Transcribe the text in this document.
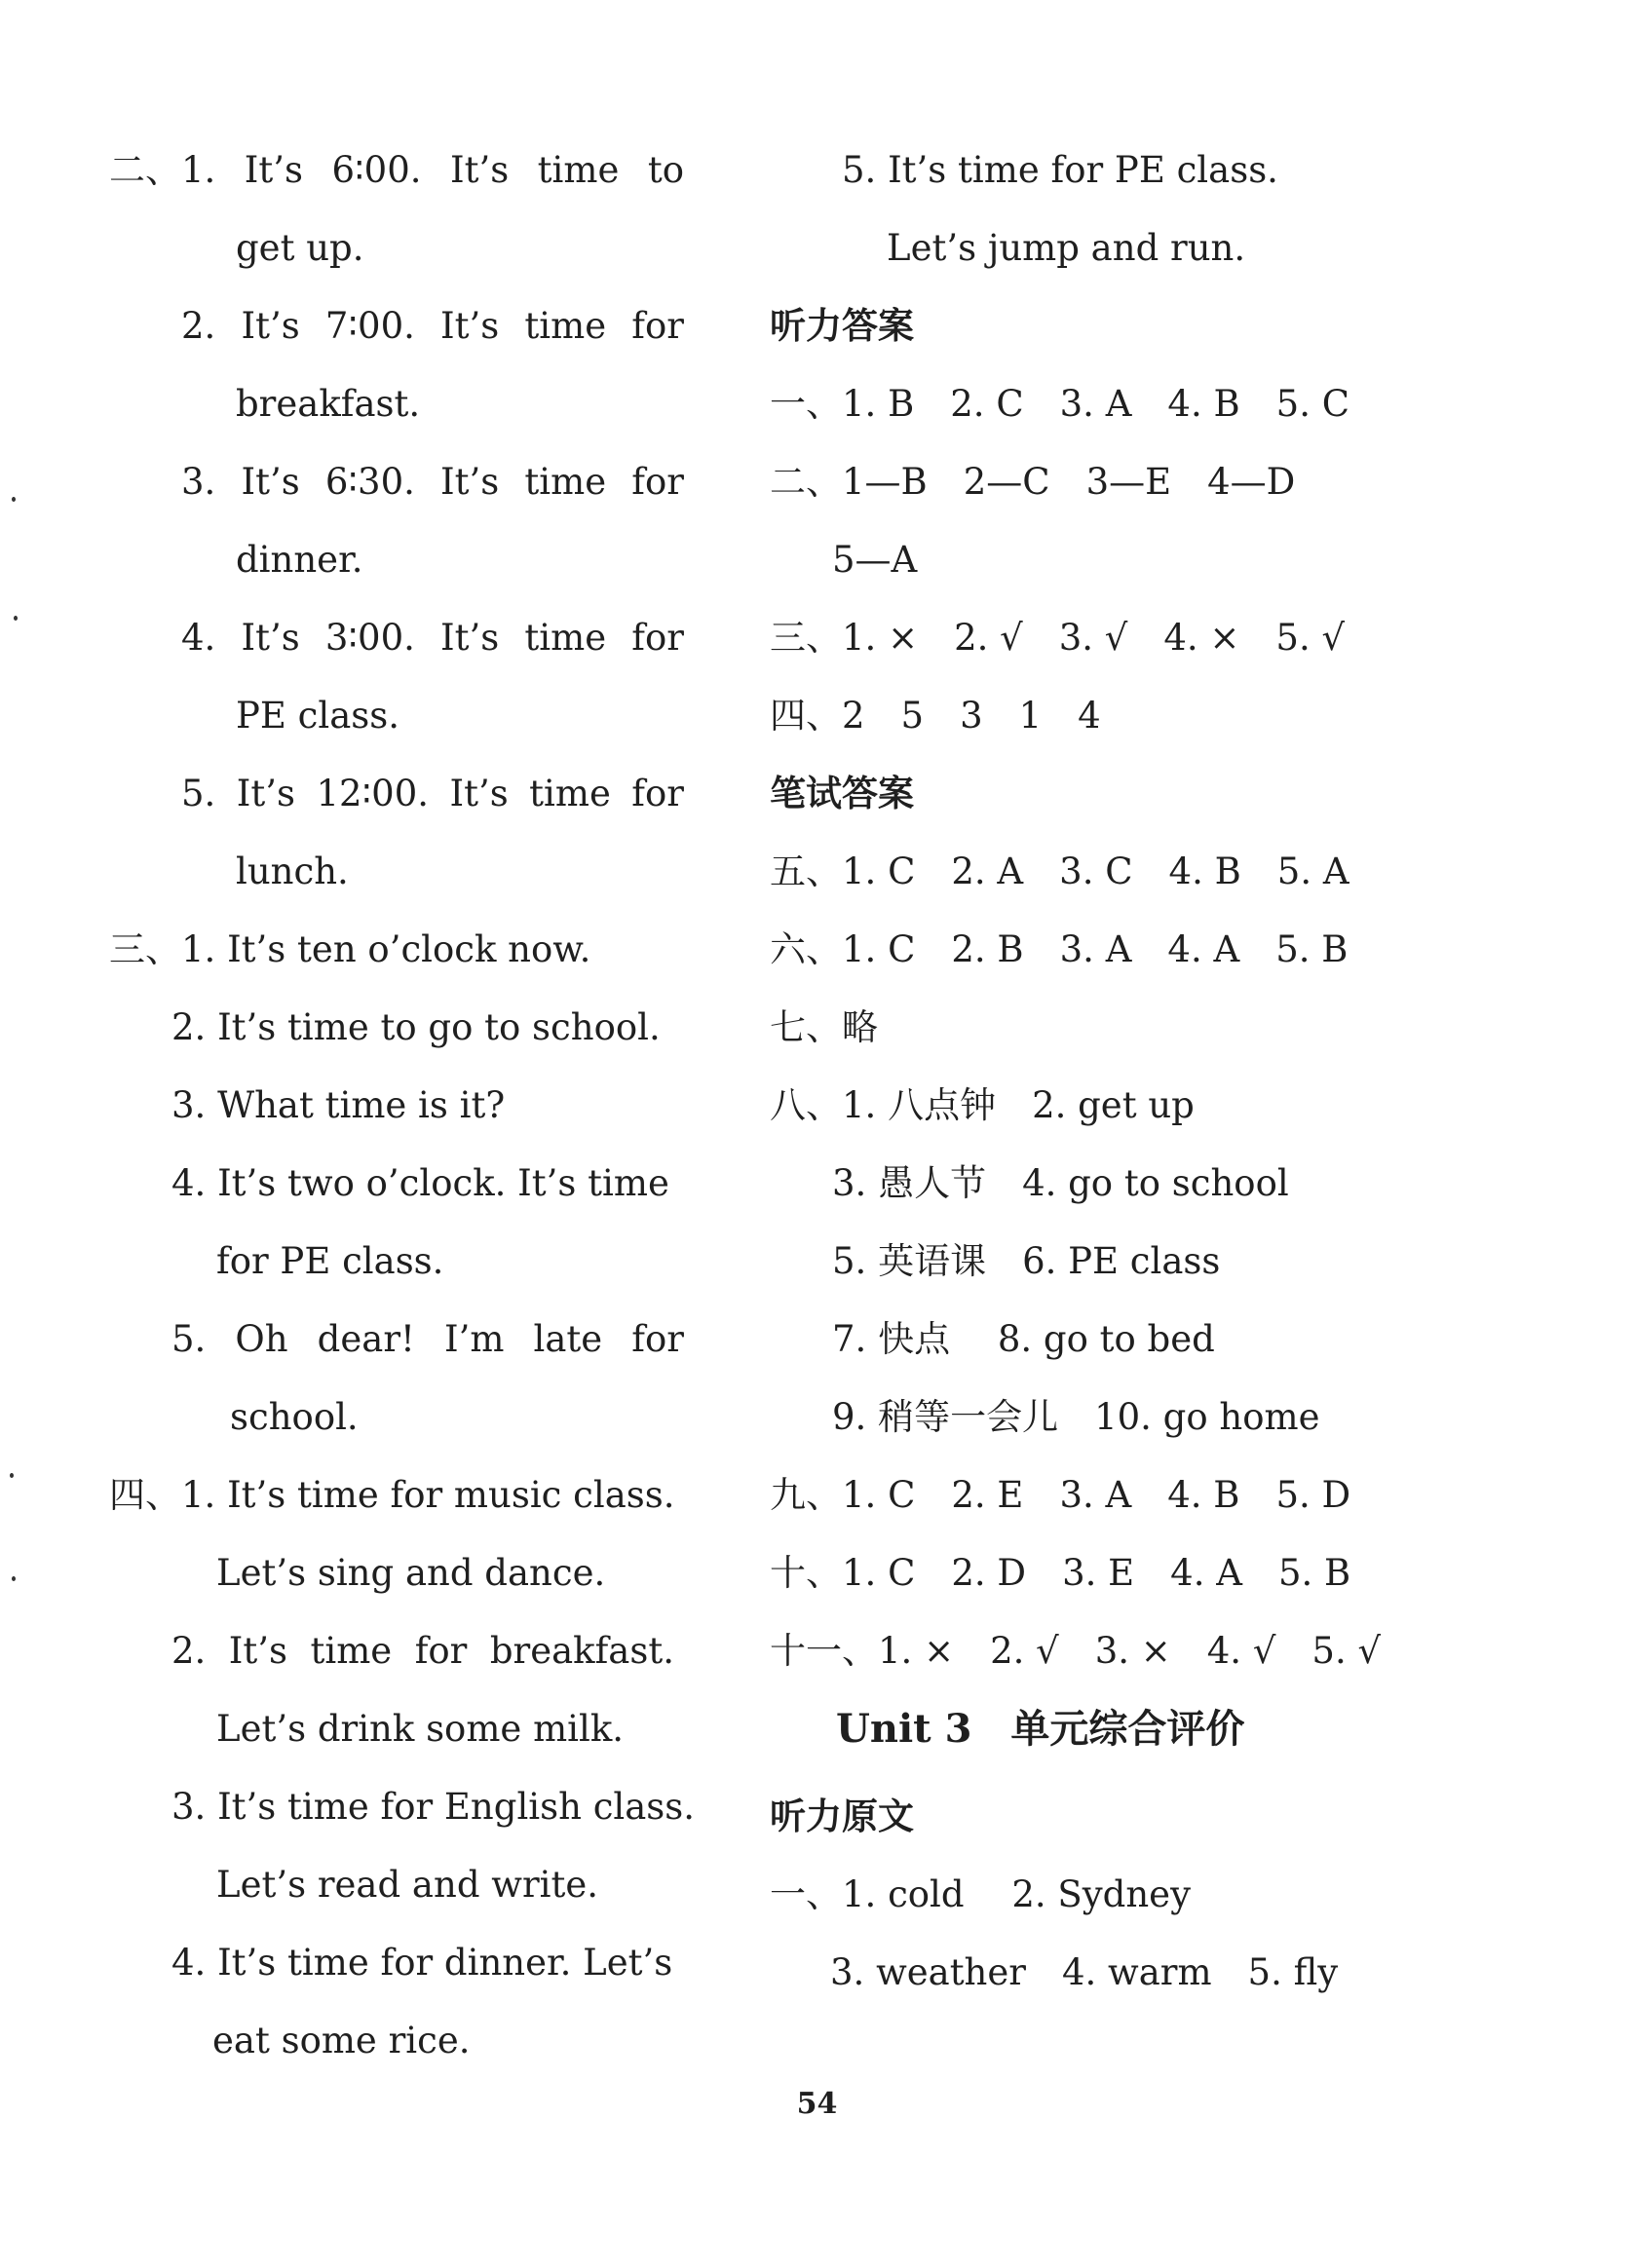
二、1. It’s 6∶00. It’s time to
get up.
2. It’s 7∶00. It’s time for
breakfast.
3. It’s 6∶30. It’s time for
dinner.
4. It’s 3∶00. It’s time for
PE class.
5. It’s 12∶00. It’s time for
lunch.
三、1. It’s ten o’clock now.
2. It’s time to go to school.
3. What time is it?
4. It’s two o’clock. It’s time
for PE class.
5. Oh dear! I’m late for
school.
四、1. It’s time for music class.
Let’s sing and dance.
2. It’s time for breakfast.
Let’s drink some milk.
3. It’s time for English class.
Let’s read and write.
4. It’s time for dinner. Let’s
eat some rice.
5. It’s time for PE class.
Let’s jump and run.
听力答案
一、1. B　2. C　3. A　4. B　5. C
二、1—B　2—C　3—E　4—D
5—A
三、1. ×　2. √　3. √　4. ×　5. √
四、2　5　3　1　4
笔试答案
五、1. C　2. A　3. C　4. B　5. A
六、1. C　2. B　3. A　4. A　5. B
七、略
八、1. 八点钟　2. get up
3. 愚人节　4. go to school
5. 英语课　6. PE class
7. 快点　 8. go to bed
9. 稍等一会儿　10. go home
九、1. C　2. E　3. A　4. B　5. D
十、1. C　2. D　3. E　4. A　5. B
十一、1. ×　2. √　3. ×　4. √　5. √
Unit 3　单元综合评价
听力原文
一、1. cold　 2. Sydney
3. weather　4. warm　5. fly
54
